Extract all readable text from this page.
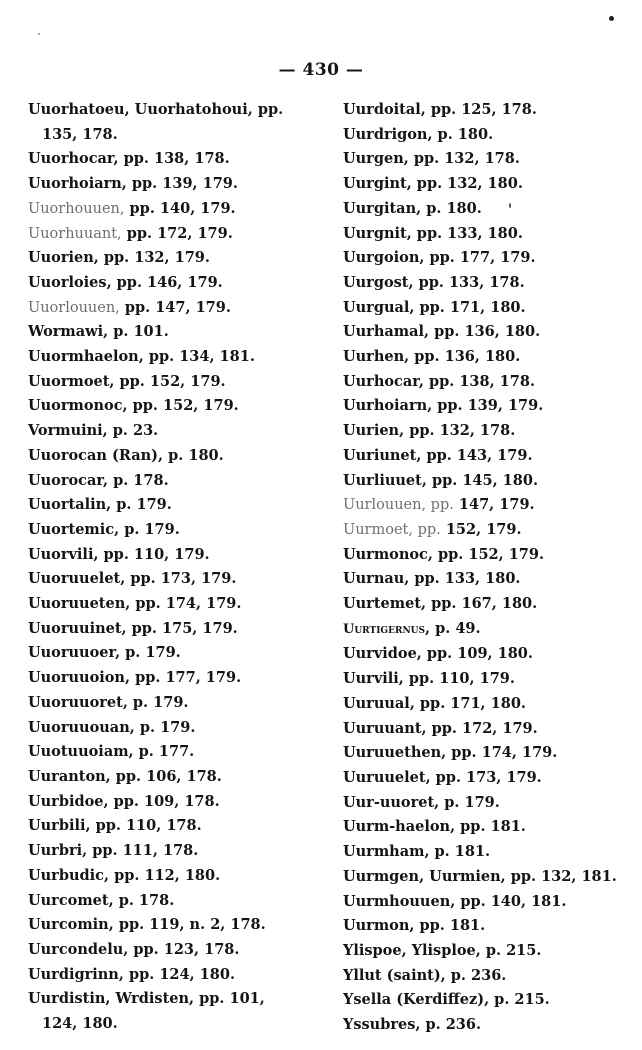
— 430 —
Uuorhatoeu, Uuorhatohoui, pp.
135, 178.
Uuorhocar, pp. 138, 178.
Uuorhoiarn, pp. 139, 179.
Uuorhouuen, pp. 140, 179.
Uuorhuuant, pp. 172, 179.
Uuorien, pp. 132, 179.
Uuorloies, pp. 146, 179.
Uuorlouuen, pp. 147, 179.
Wormawi, p. 101.
Uuormhaelon, pp. 134, 181.
Uuormoet, pp. 152, 179.
Uuormonoc, pp. 152, 179.
Vormuini, p. 23.
Uuorocan (Ran), p. 180.
Uuorocar, p. 178.
Uuortalin, p. 179.
Uuortemic, p. 179.
Uuorvili, pp. 110, 179.
Uuoruuelet, pp. 173, 179.
Uuoruueten, pp. 174, 179.
Uuoruuinet, pp. 175, 179.
Uuoruuoer, p. 179.
Uuoruuoion, pp. 177, 179.
Uuoruuoret, p. 179.
Uuoruuouan, p. 179.
Uuotuuoiam, p. 177.
Uuranton, pp. 106, 178.
Uurbidoe, pp. 109, 178.
Uurbili, pp. 110, 178.
Uurbri, pp. 111, 178.
Uurbudic, pp. 112, 180.
Uurcomet, p. 178.
Uurcomin, pp. 119, n. 2, 178.
Uurcondelu, pp. 123, 178.
Uurdigrinn, pp. 124, 180.
Uurdistin, Wrdisten, pp. 101,
124, 180.
Uurdoital, pp. 125, 178.
Uurdrigon, p. 180.
Uurgen, pp. 132, 178.
Uurgint, pp. 132, 180.
Uurgitan, p. 180.
Uurgnit, pp. 133, 180.
Uurgoion, pp. 177, 179.
Uurgost, pp. 133, 178.
Uurgual, pp. 171, 180.
Uurhamal, pp. 136, 180.
Uurhen, pp. 136, 180.
Uurhocar, pp. 138, 178.
Uurhoiarn, pp. 139, 179.
Uurien, pp. 132, 178.
Uuriunet, pp. 143, 179.
Uurliuuet, pp. 145, 180.
Uurlouuen, pp. 147, 179.
Uurmoet, pp. 152, 179.
Uurmonoc, pp. 152, 179.
Uurnau, pp. 133, 180.
Uurtemet, pp. 167, 180.
Uurtigernus, p. 49.
Uurvidoe, pp. 109, 180.
Uurvili, pp. 110, 179.
Uuruual, pp. 171, 180.
Uuruuant, pp. 172, 179.
Uuruuethen, pp. 174, 179.
Uuruuelet, pp. 173, 179.
Uur-uuoret, p. 179.
Uurm-haelon, pp. 181.
Uurmham, p. 181.
Uurmgen, Uurmien, pp. 132, 181.
Uurmhouuen, pp. 140, 181.
Uurmon, pp. 181.
Ylispoe, Ylisploe, p. 215.
Yllut (saint), p. 236.
Ysella (Kerdiffez), p. 215.
Yssubres, p. 236.
